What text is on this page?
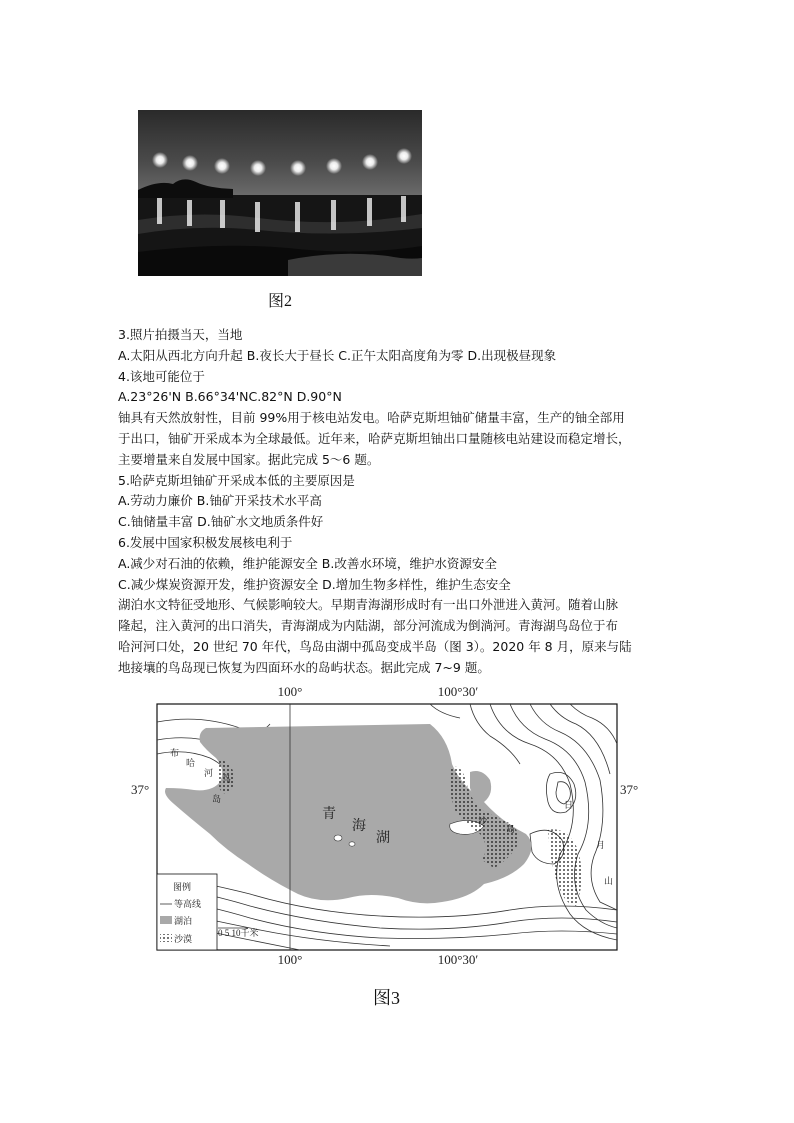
图2

3.照片拍摄当天，当地

A.太阳从西北方向升起 B.夜长大于昼长 C.正午太阳高度角为零 D.出现极昼现象

4.该地可能位于

A.23°26'N B.66°34'NC.82°N D.90°N

铀具有天然放射性，目前 99%用于核电站发电。哈萨克斯坦铀矿储量丰富，生产的铀全部用

于出口，铀矿开采成本为全球最低。近年来，哈萨克斯坦铀出口量随核电站建设而稳定增长，

主要增量来自发展中国家。据此完成 5～6 题。

5.哈萨克斯坦铀矿开采成本低的主要原因是

A.劳动力廉价 B.铀矿开采技术水平高

C.铀储量丰富 D.铀矿水文地质条件好

6.发展中国家积极发展核电利于

A.减少对石油的依赖，维护能源安全 B.改善水环境，维护水资源安全

C.减少煤炭资源开发，维护资源安全 D.增加生物多样性，维护生态安全

湖泊水文特征受地形、气候影响较大。早期青海湖形成时有一出口外泄进入黄河。随着山脉

隆起，注入黄河的出口消失，青海湖成为内陆湖，部分河流成为倒淌河。青海湖鸟岛位于布

哈河河口处，20 世纪 70 年代，鸟岛由湖中孤岛变成半岛（图 3）。2020 年 8 月，原来与陆

地接壤的鸟岛现已恢复为四面环水的岛屿状态。据此完成 7~9 题。

100°	100°30′
100°	100°30′
37°	37°
青
海
湖
布
哈
河
鸟
岛
沙
岛
日
月
山
图例
等高线
湖泊
沙漠
0 5 10千米
图3
